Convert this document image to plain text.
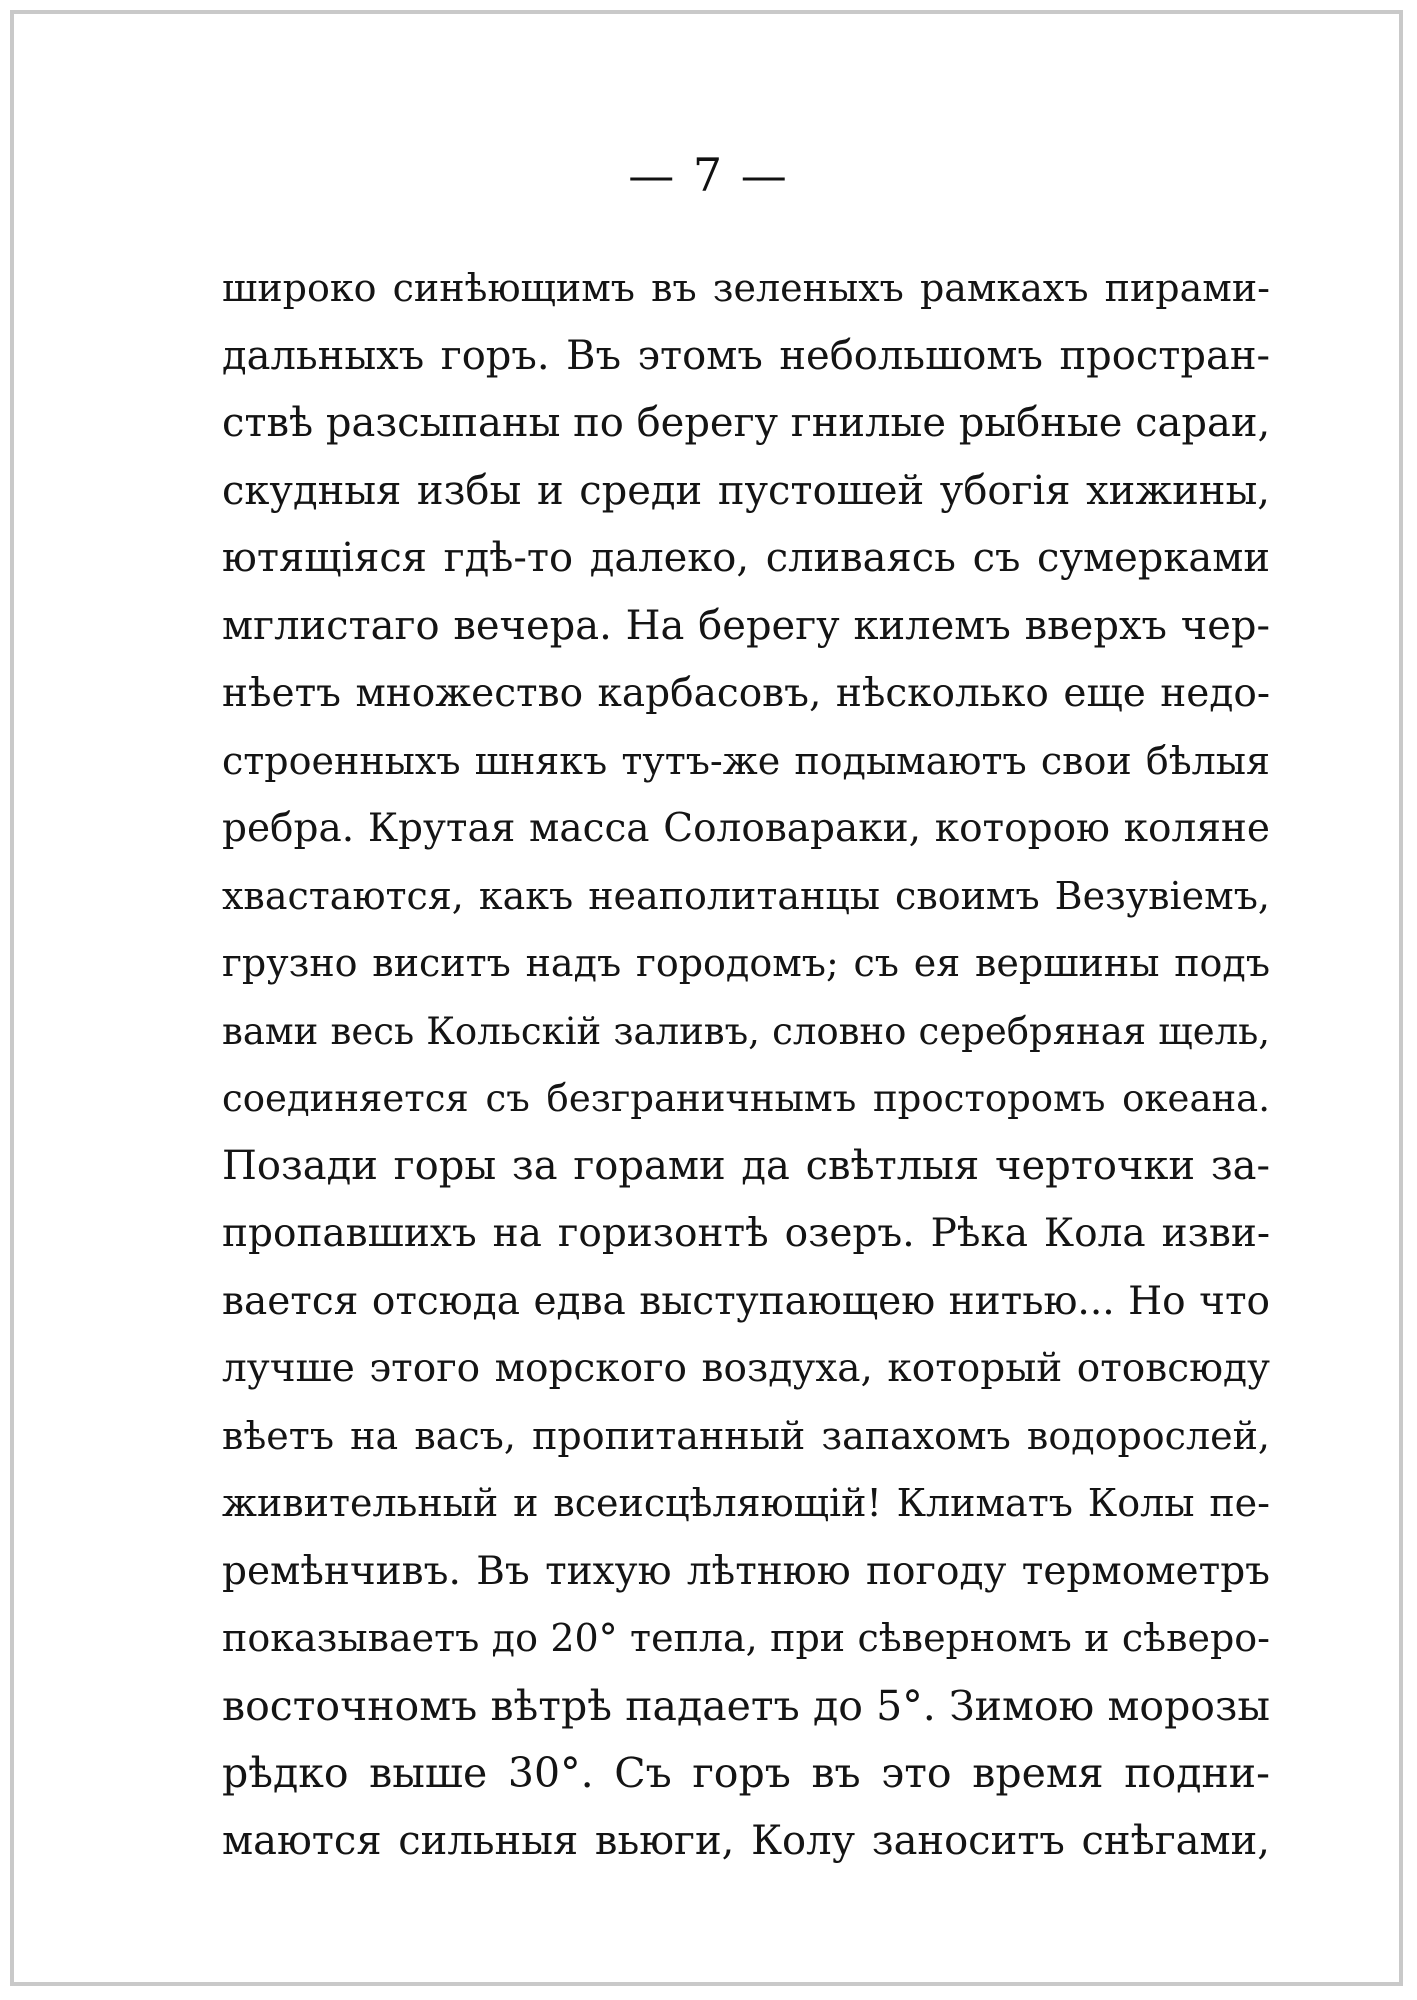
— 7 —
широко синѣющимъ въ зеленыхъ рамкахъ пирами-
дальныхъ горъ. Въ этомъ небольшомъ простран-
ствѣ разсыпаны по берегу гнилые рыбные сараи,
скудныя избы и среди пустошей убогія хижины,
ютящіяся гдѣ-то далеко, сливаясь съ сумерками
мглистаго вечера. На берегу килемъ вверхъ чер-
нѣетъ множество карбасовъ, нѣсколько еще недо-
строенныхъ шнякъ тутъ-же подымаютъ свои бѣлыя
ребра. Крутая масса Соловараки, которою коляне
хвастаются, какъ неаполитанцы своимъ Везувіемъ,
грузно виситъ надъ городомъ; съ ея вершины подъ
вами весь Кольскій заливъ, словно серебряная щель,
соединяется съ безграничнымъ просторомъ океана.
Позади горы за горами да свѣтлыя черточки за-
пропавшихъ на горизонтѣ озеръ. Рѣка Кола изви-
вается отсюда едва выступающею нитью... Но что
лучше этого морского воздуха, который отовсюду
вѣетъ на васъ, пропитанный запахомъ водорослей,
живительный и всеисцѣляющій! Климатъ Колы пе-
ремѣнчивъ. Въ тихую лѣтнюю погоду термометръ
показываетъ до 20° тепла, при сѣверномъ и сѣверо-
восточномъ вѣтрѣ падаетъ до 5°. Зимою морозы
рѣдко выше 30°. Съ горъ въ это время подни-
маются сильныя вьюги, Колу заноситъ снѣгами,
